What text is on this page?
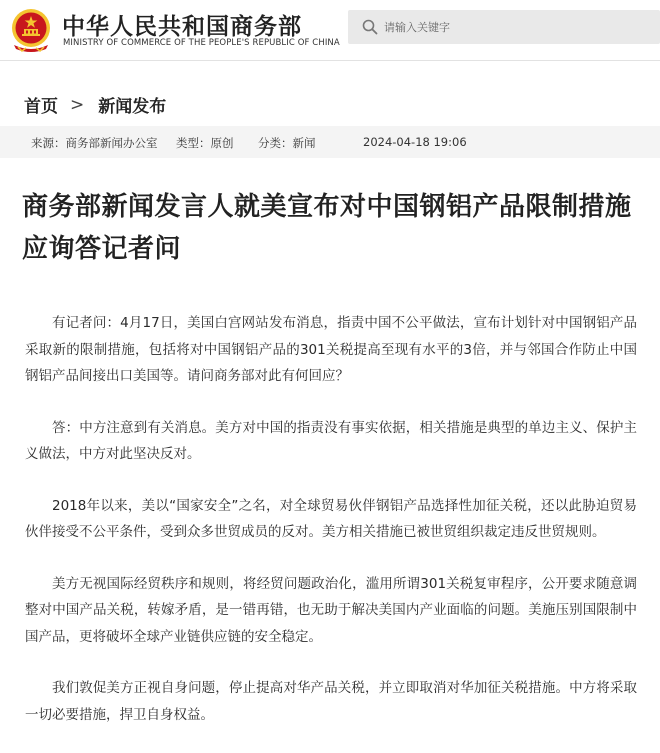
中华人民共和国商务部
MINISTRY OF COMMERCE OF THE PEOPLE'S REPUBLIC OF CHINA
请输入关键字
首页 > 新闻发布
来源：商务部新闻办公室 类型：原创 分类：新闻	2024-04-18 19:06
商务部新闻发言人就美宣布对中国钢铝产品限制措施应询答记者问

有记者问：4月17日，美国白宫网站发布消息，指责中国不公平做法，宣布计划针对中国钢铝产品采取新的限制措施，包括将对中国钢铝产品的301关税提高至现有水平的3倍，并与邻国合作防止中国钢铝产品间接出口美国等。请问商务部对此有何回应？

答：中方注意到有关消息。美方对中国的指责没有事实依据，相关措施是典型的单边主义、保护主义做法，中方对此坚决反对。

2018年以来，美以“国家安全”之名，对全球贸易伙伴钢铝产品选择性加征关税，还以此胁迫贸易伙伴接受不公平条件，受到众多世贸成员的反对。美方相关措施已被世贸组织裁定违反世贸规则。

美方无视国际经贸秩序和规则，将经贸问题政治化，滥用所谓301关税复审程序，公开要求随意调整对中国产品关税，转嫁矛盾，是一错再错，也无助于解决美国内产业面临的问题。美施压别国限制中国产品，更将破坏全球产业链供应链的安全稳定。

我们敦促美方正视自身问题，停止提高对华产品关税，并立即取消对华加征关税措施。中方将采取一切必要措施，捍卫自身权益。
